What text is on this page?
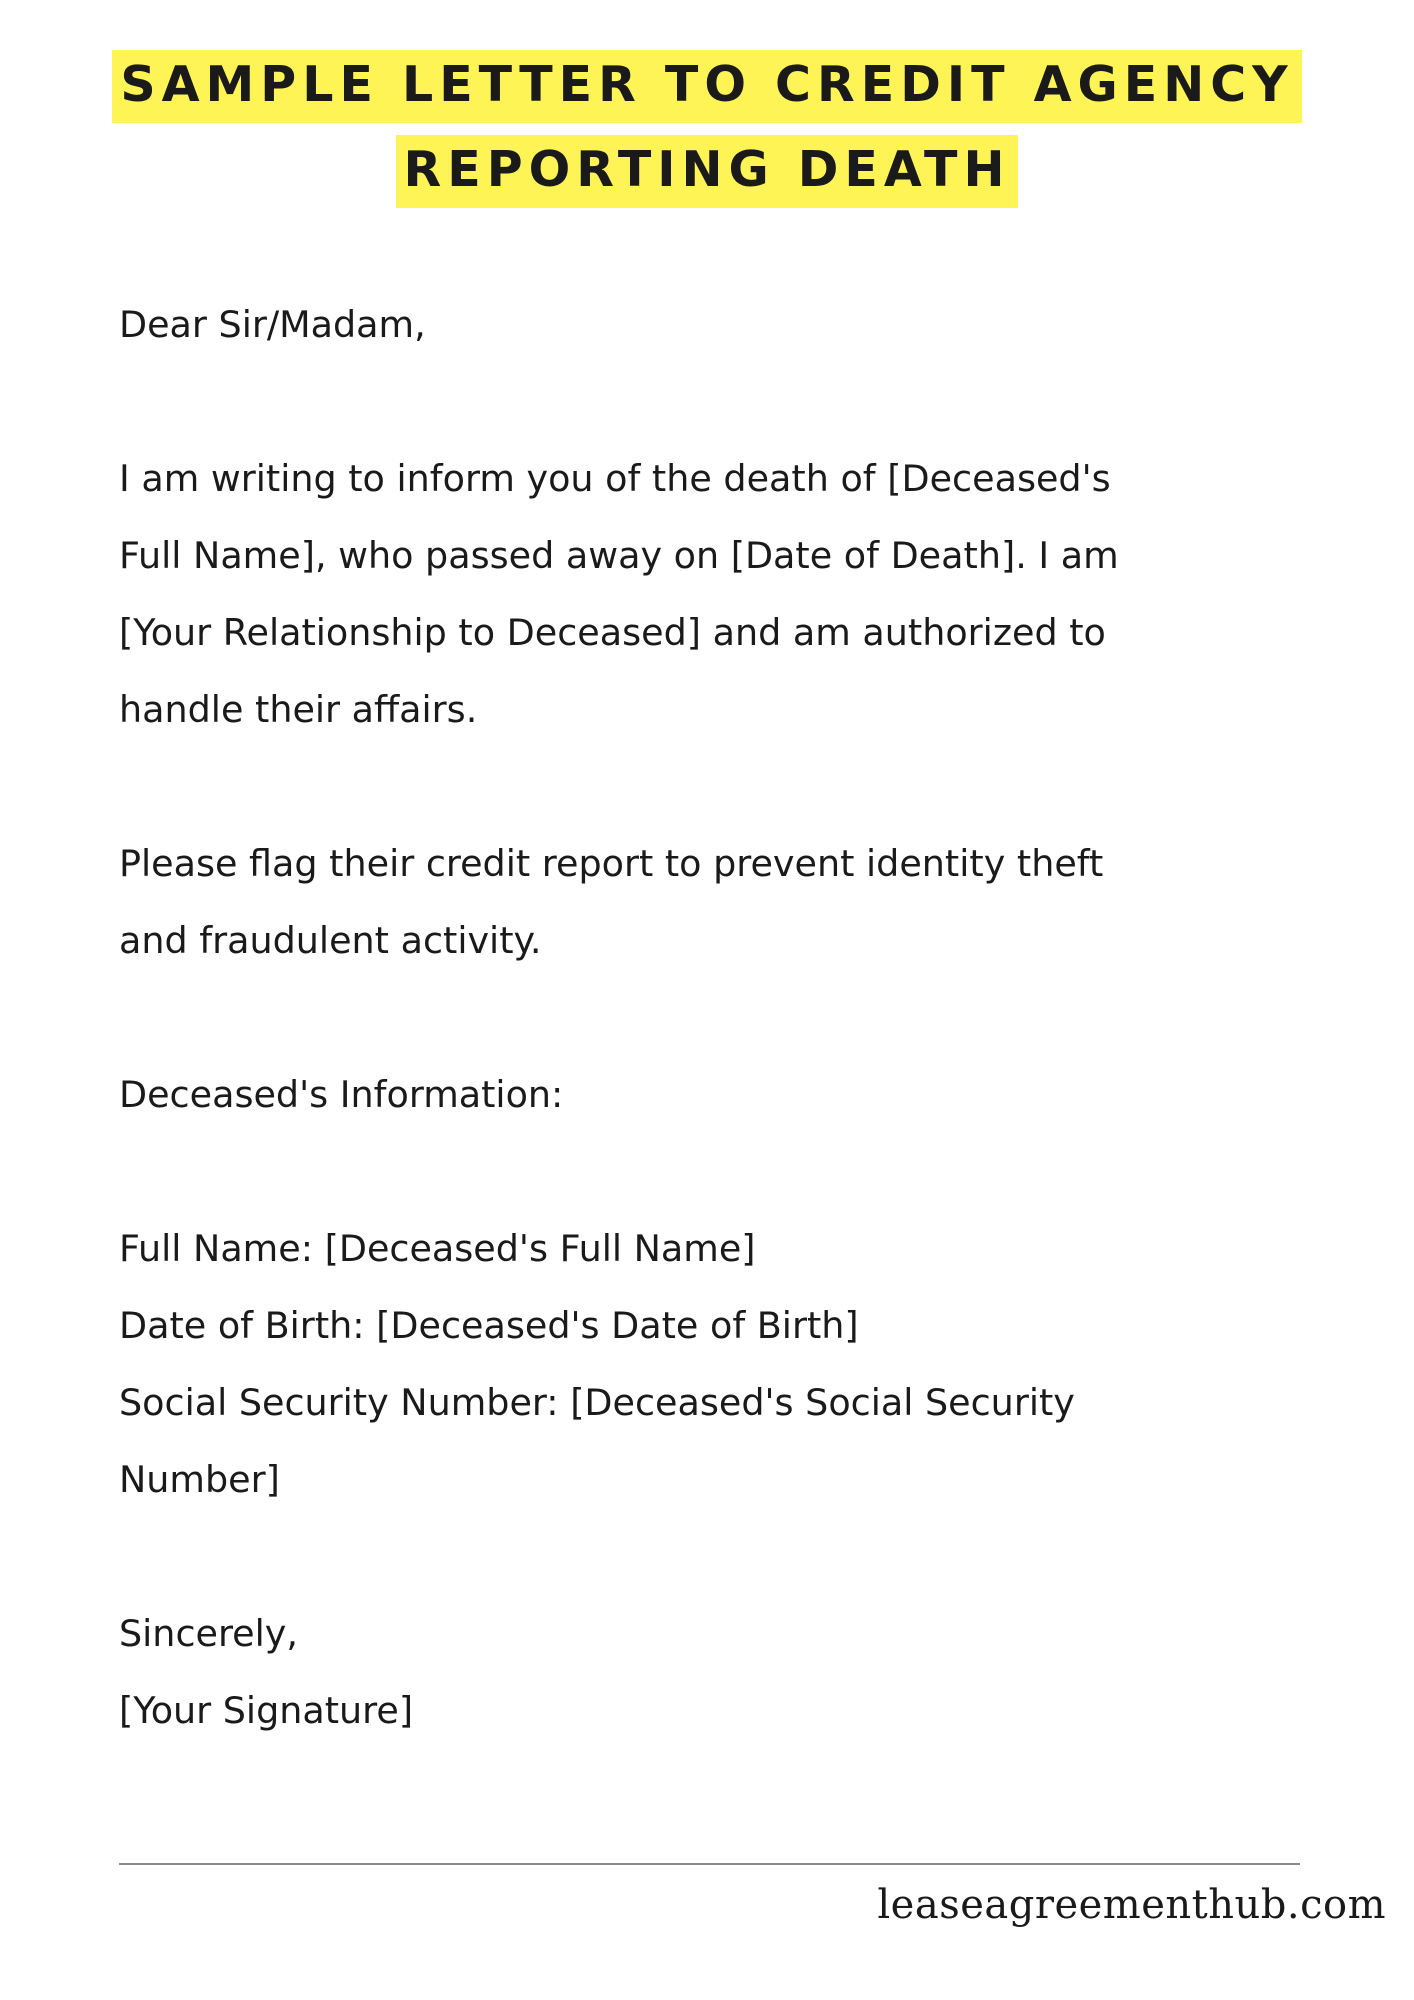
SAMPLE LETTER TO CREDIT AGENCY
REPORTING DEATH
Dear Sir/Madam,
I am writing to inform you of the death of [Deceased's
Full Name], who passed away on [Date of Death]. I am
[Your Relationship to Deceased] and am authorized to
handle their affairs.
Please flag their credit report to prevent identity theft
and fraudulent activity.
Deceased's Information:
Full Name: [Deceased's Full Name]
Date of Birth: [Deceased's Date of Birth]
Social Security Number: [Deceased's Social Security
Number]
Sincerely,
[Your Signature]
leaseagreementhub.com
